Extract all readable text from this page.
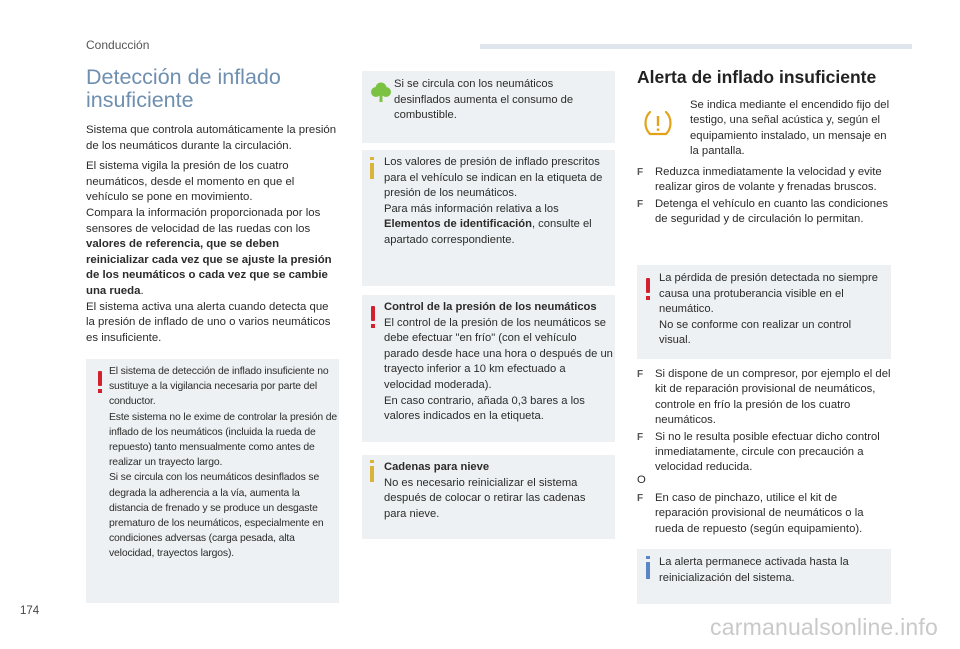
Conducción
Detección de inflado
insuficiente

Sistema que controla automáticamente la presión de los neumáticos durante la circulación.

El sistema vigila la presión de los cuatro neumáticos, desde el momento en que el vehículo se pone en movimiento.

Compara la información proporcionada por los sensores de velocidad de las ruedas con los valores de referencia, que se deben reinicializar cada vez que se ajuste la presión de los neumáticos o cada vez que se cambie una rueda.

El sistema activa una alerta cuando detecta que la presión de inflado de uno o varios neumáticos es insuficiente.

El sistema de detección de inflado insuficiente no sustituye a la vigilancia necesaria por parte del conductor.
Este sistema no le exime de controlar la presión de inflado de los neumáticos (incluida la rueda de repuesto) tanto mensualmente como antes de realizar un trayecto largo.
Si se circula con los neumáticos desinflados se degrada la adherencia a la vía, aumenta la distancia de frenado y se produce un desgaste prematuro de los neumáticos, especialmente en condiciones adversas (carga pesada, alta velocidad, trayectos largos).
Si se circula con los neumáticos desinflados aumenta el consumo de combustible.
Los valores de presión de inflado prescritos para el vehículo se indican en la etiqueta de presión de los neumáticos.
Para más información relativa a los Elementos de identificación, consulte el apartado correspondiente.
Control de la presión de los neumáticos
El control de la presión de los neumáticos se debe efectuar "en frío" (con el vehículo parado desde hace una hora o después de un trayecto inferior a 10 km efectuado a velocidad moderada).
En caso contrario, añada 0,3 bares a los valores indicados en la etiqueta.
Cadenas para nieve
No es necesario reinicializar el sistema después de colocar o retirar las cadenas para nieve.
Alerta de inflado insuficiente
Se indica mediante el encendido fijo del testigo, una señal acústica y, según el equipamiento instalado, un mensaje en la pantalla.
F Reduzca inmediatamente la velocidad y evite realizar giros de volante y frenadas bruscos.
F Detenga el vehículo en cuanto las condiciones de seguridad y de circulación lo permitan.
La pérdida de presión detectada no siempre causa una protuberancia visible en el neumático.
No se conforme con realizar un control visual.
F Si dispone de un compresor, por ejemplo el del kit de reparación provisional de neumáticos, controle en frío la presión de los cuatro neumáticos.
F Si no le resulta posible efectuar dicho control inmediatamente, circule con precaución a velocidad reducida.
O
F En caso de pinchazo, utilice el kit de reparación provisional de neumáticos o la rueda de repuesto (según equipamiento).
La alerta permanece activada hasta la reinicialización del sistema.
174
carmanualsonline.info
